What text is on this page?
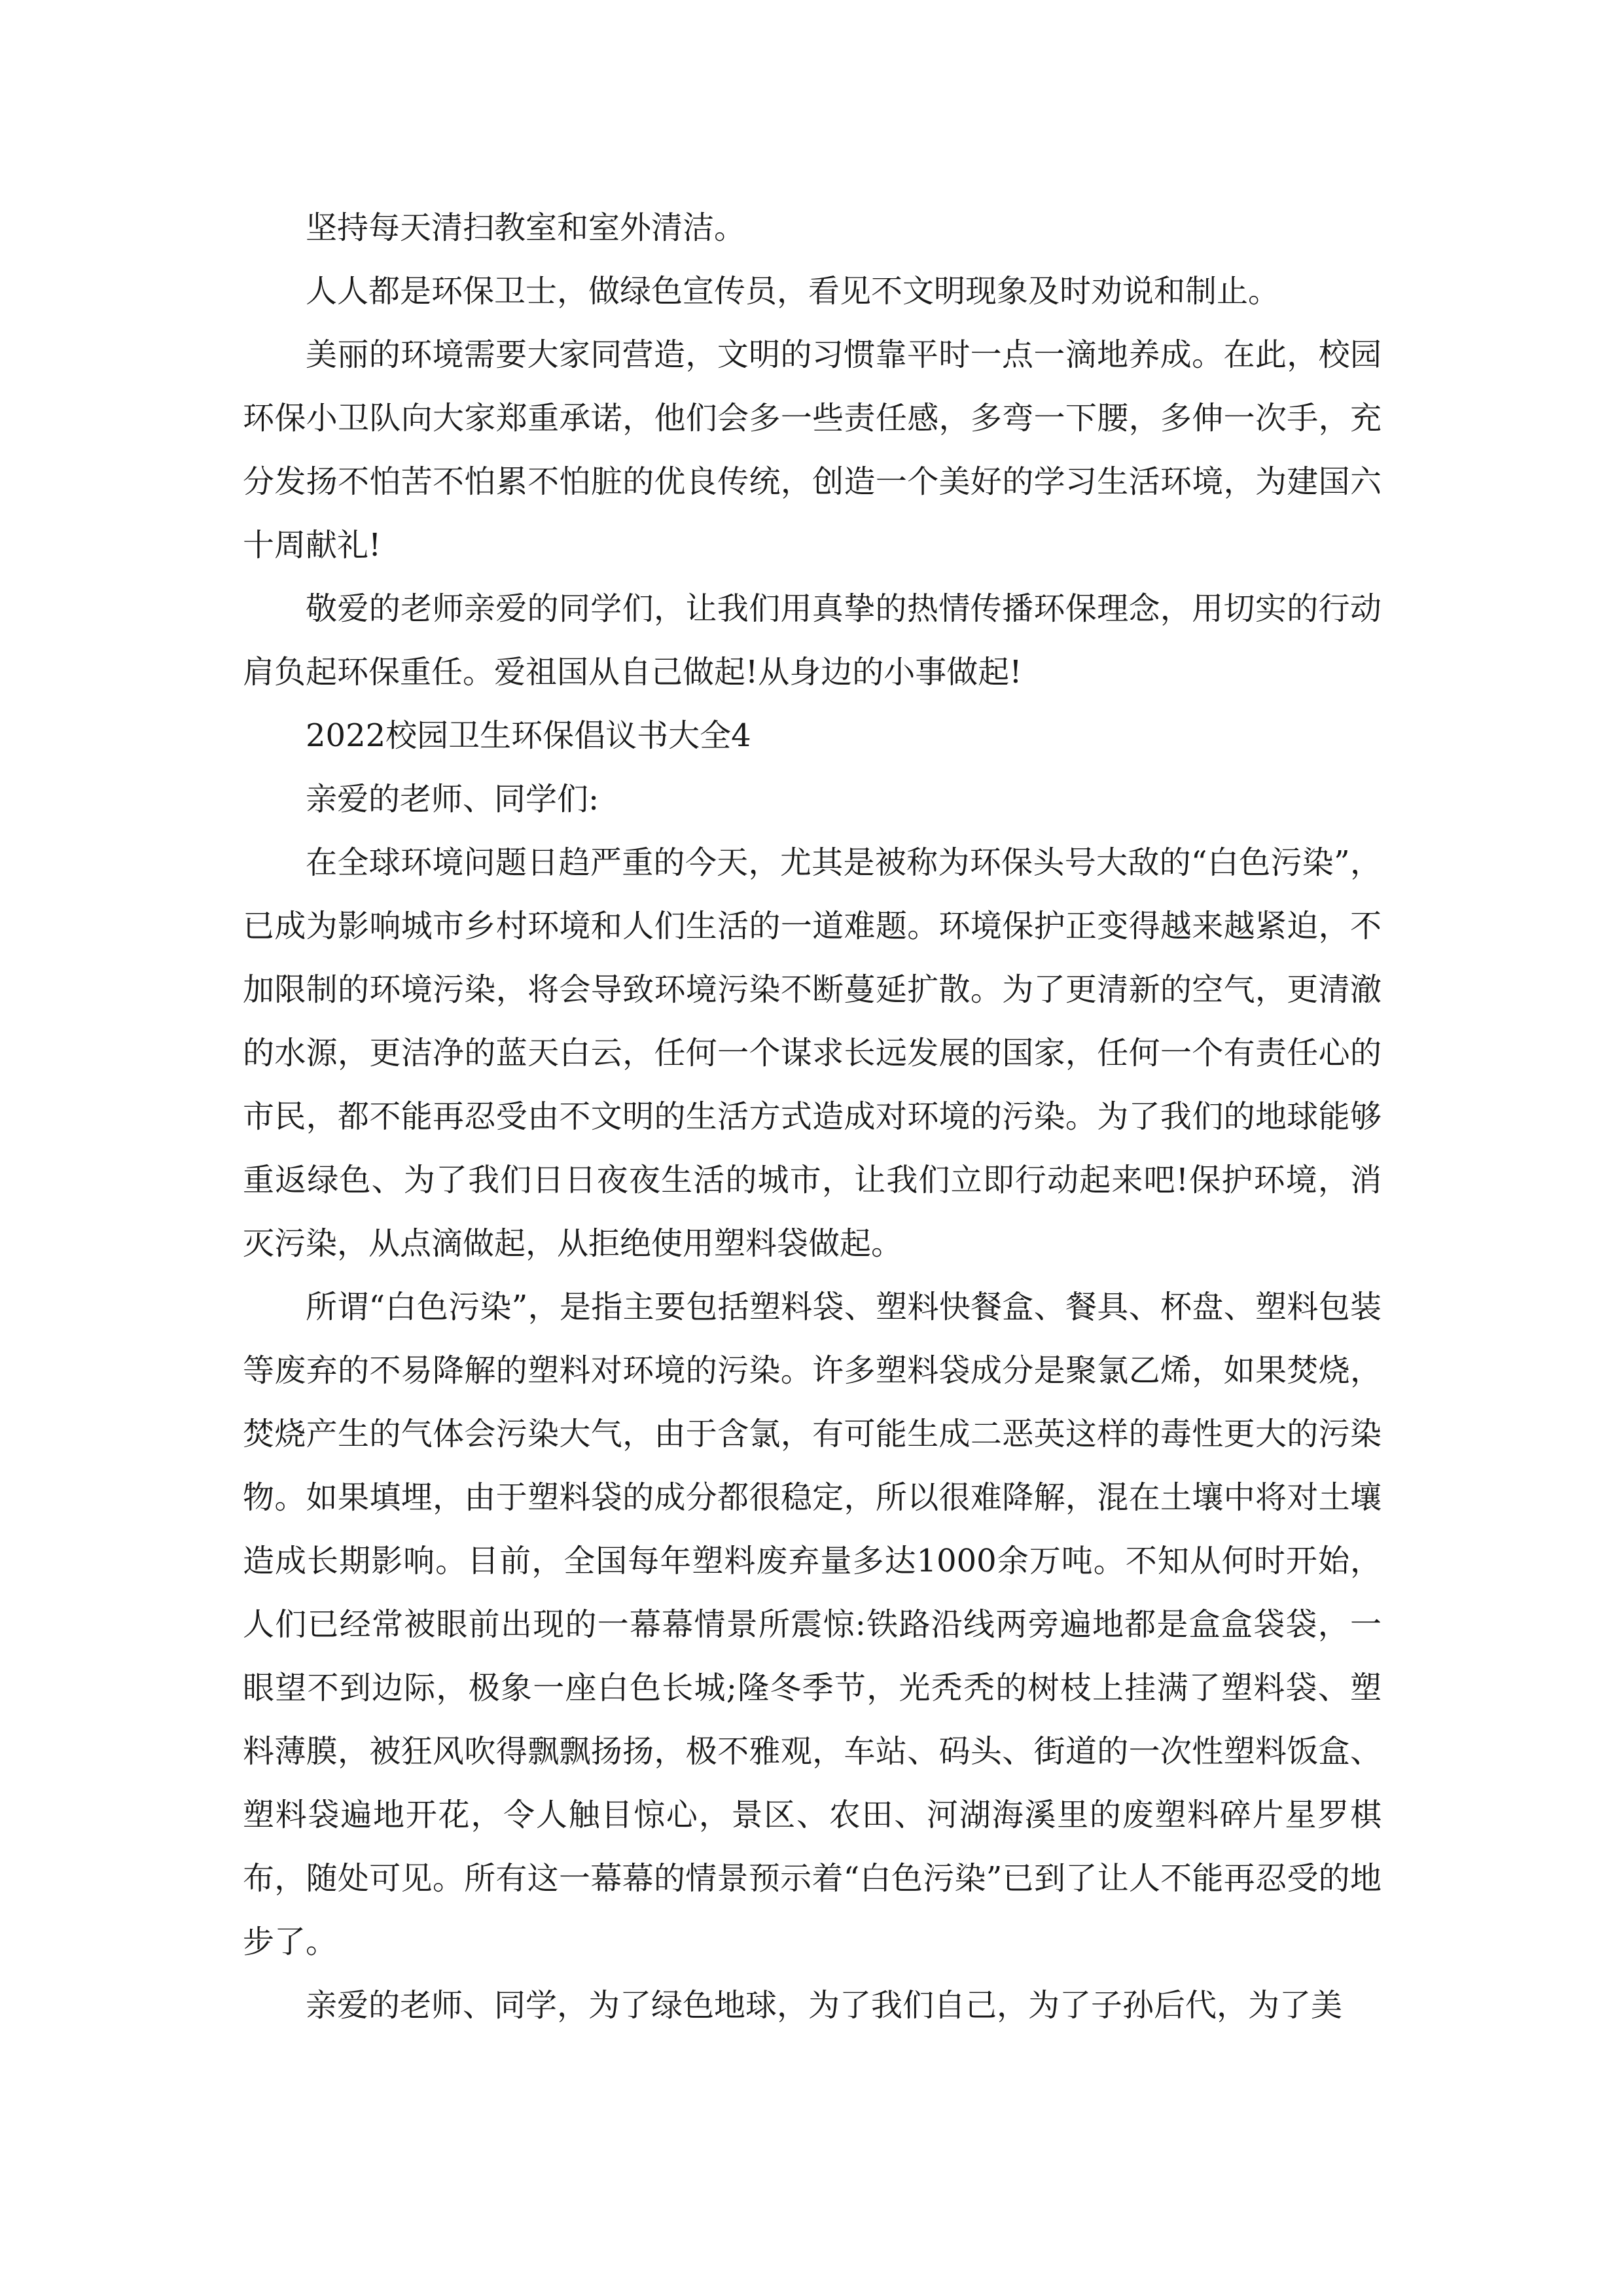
坚持每天清扫教室和室外清洁。

人人都是环保卫士，做绿色宣传员，看见不文明现象及时劝说和制止。

美丽的环境需要大家同营造，文明的习惯靠平时一点一滴地养成。在此，校园环保小卫队向大家郑重承诺，他们会多一些责任感，多弯一下腰，多伸一次手，充分发扬不怕苦不怕累不怕脏的优良传统，创造一个美好的学习生活环境，为建国六十周献礼!

敬爱的老师亲爱的同学们，让我们用真挚的热情传播环保理念，用切实的行动肩负起环保重任。爱祖国从自己做起!从身边的小事做起!

2022校园卫生环保倡议书大全4

亲爱的老师、同学们:

在全球环境问题日趋严重的今天，尤其是被称为环保头号大敌的“白色污染”，已成为影响城市乡村环境和人们生活的一道难题。环境保护正变得越来越紧迫，不加限制的环境污染，将会导致环境污染不断蔓延扩散。为了更清新的空气，更清澈的水源，更洁净的蓝天白云，任何一个谋求长远发展的国家，任何一个有责任心的市民，都不能再忍受由不文明的生活方式造成对环境的污染。为了我们的地球能够重返绿色、为了我们日日夜夜生活的城市，让我们立即行动起来吧!保护环境，消灭污染，从点滴做起，从拒绝使用塑料袋做起。

所谓“白色污染”，是指主要包括塑料袋、塑料快餐盒、餐具、杯盘、塑料包装等废弃的不易降解的塑料对环境的污染。许多塑料袋成分是聚氯乙烯，如果焚烧，焚烧产生的气体会污染大气，由于含氯，有可能生成二恶英这样的毒性更大的污染物。如果填埋，由于塑料袋的成分都很稳定，所以很难降解，混在土壤中将对土壤造成长期影响。目前，全国每年塑料废弃量多达1000余万吨。不知从何时开始，人们已经常被眼前出现的一幕幕情景所震惊:铁路沿线两旁遍地都是盒盒袋袋，一眼望不到边际，极象一座白色长城;隆冬季节，光秃秃的树枝上挂满了塑料袋、塑料薄膜，被狂风吹得飘飘扬扬，极不雅观，车站、码头、街道的一次性塑料饭盒、塑料袋遍地开花，令人触目惊心，景区、农田、河湖海溪里的废塑料碎片星罗棋布，随处可见。所有这一幕幕的情景预示着“白色污染”已到了让人不能再忍受的地步了。

亲爱的老师、同学，为了绿色地球，为了我们自己，为了子孙后代，为了美
